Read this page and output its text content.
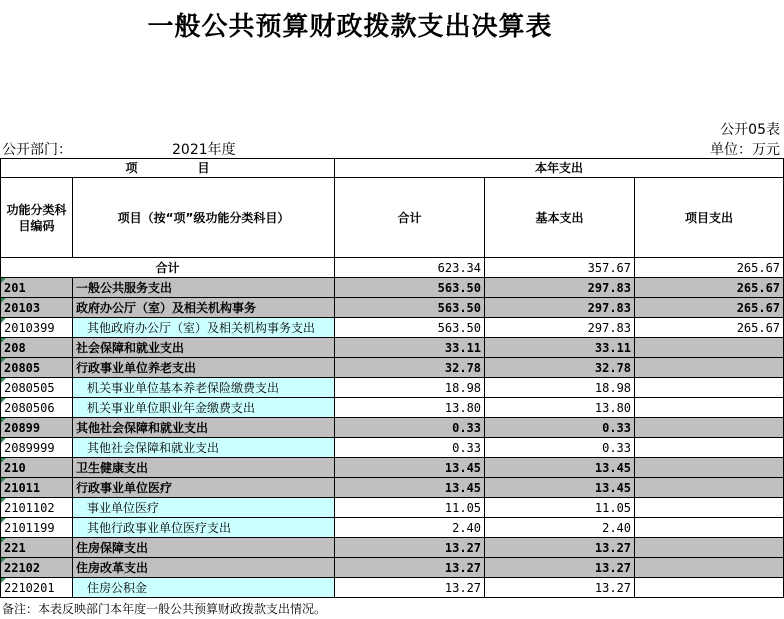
一般公共预算财政拨款支出决算表
公开05表
公开部门：	2021年度	单位：万元
项　　　　　目		本年支出		
功能分类科目编码	项目（按“项”级功能分类科目）	合计	基本支出	项目支出
合计		623.34	357.67	265.67
201	一般公共服务支出	563.50	297.83	265.67
20103	政府办公厅（室）及相关机构事务	563.50	297.83	265.67
2010399	其他政府办公厅（室）及相关机构事务支出	563.50	297.83	265.67
208	社会保障和就业支出	33.11	33.11	
20805	行政事业单位养老支出	32.78	32.78	
2080505	机关事业单位基本养老保险缴费支出	18.98	18.98	
2080506	机关事业单位职业年金缴费支出	13.80	13.80	
20899	其他社会保障和就业支出	0.33	0.33	
2089999	其他社会保障和就业支出	0.33	0.33	
210	卫生健康支出	13.45	13.45	
21011	行政事业单位医疗	13.45	13.45	
2101102	事业单位医疗	11.05	11.05	
2101199	其他行政事业单位医疗支出	2.40	2.40	
221	住房保障支出	13.27	13.27	
22102	住房改革支出	13.27	13.27	
2210201	住房公积金	13.27	13.27	
备注：本表反映部门本年度一般公共预算财政拨款支出情况。
